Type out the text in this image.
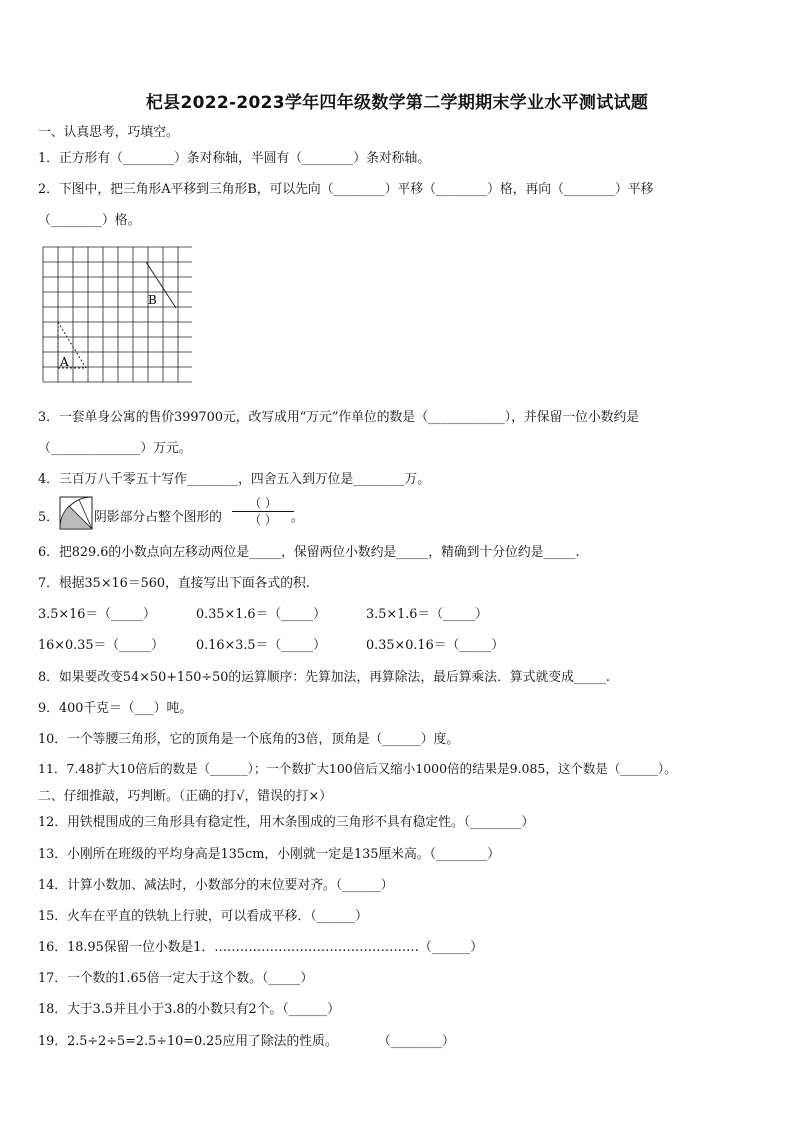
杞县2022-2023学年四年级数学第二学期期末学业水平测试试题
一、认真思考，巧填空。
1．正方形有（________）条对称轴，半圆有（________）条对称轴。
2．下图中，把三角形A平移到三角形B，可以先向（________）平移（________）格，再向（________）平移
（________）格。
A
B
3．一套单身公寓的售价399700元，改写成用“万元”作单位的数是（____________），并保留一位小数约是
（______________）万元。
4．三百万八千零五十写作________，四舍五入到万位是________万。
5．	阴影部分占整个图形的
（ ）
（ ）	。
6．把829.6的小数点向左移动两位是_____，保留两位小数约是_____，精确到十分位约是_____.
7．根据35×16＝560，直接写出下面各式的积.
3.5×16＝（_____）	0.35×1.6＝（_____）	3.5×1.6＝（_____）
16×0.35＝（_____）	0.16×3.5＝（_____）	0.35×0.16＝（_____）
8．如果要改变54×50+150÷50的运算顺序：先算加法，再算除法，最后算乘法．算式就变成_____.
9．400千克＝（___）吨。
10．一个等腰三角形，它的顶角是一个底角的3倍，顶角是（______）度。
11．7.48扩大10倍后的数是（______）；一个数扩大100倍后又缩小1000倍的结果是9.085，这个数是（______）。
二、仔细推敲，巧判断。（正确的打√，错误的打×）
12．用铁棍围成的三角形具有稳定性，用木条围成的三角形不具有稳定性。（________）
13．小刚所在班级的平均身高是135cm，小刚就一定是135厘米高。（________）
14．计算小数加、减法时，小数部分的末位要对齐。（______）
15．火车在平直的铁轨上行驶，可以看成平移．（______）
16．18.95保留一位小数是1．…………………………………………（______）
17．一个数的1.65倍一定大于这个数。（_____）
18．大于3.5并且小于3.8的小数只有2个。（______）
19．2.5÷2÷5=2.5÷10=0.25应用了除法的性质。	（________）
